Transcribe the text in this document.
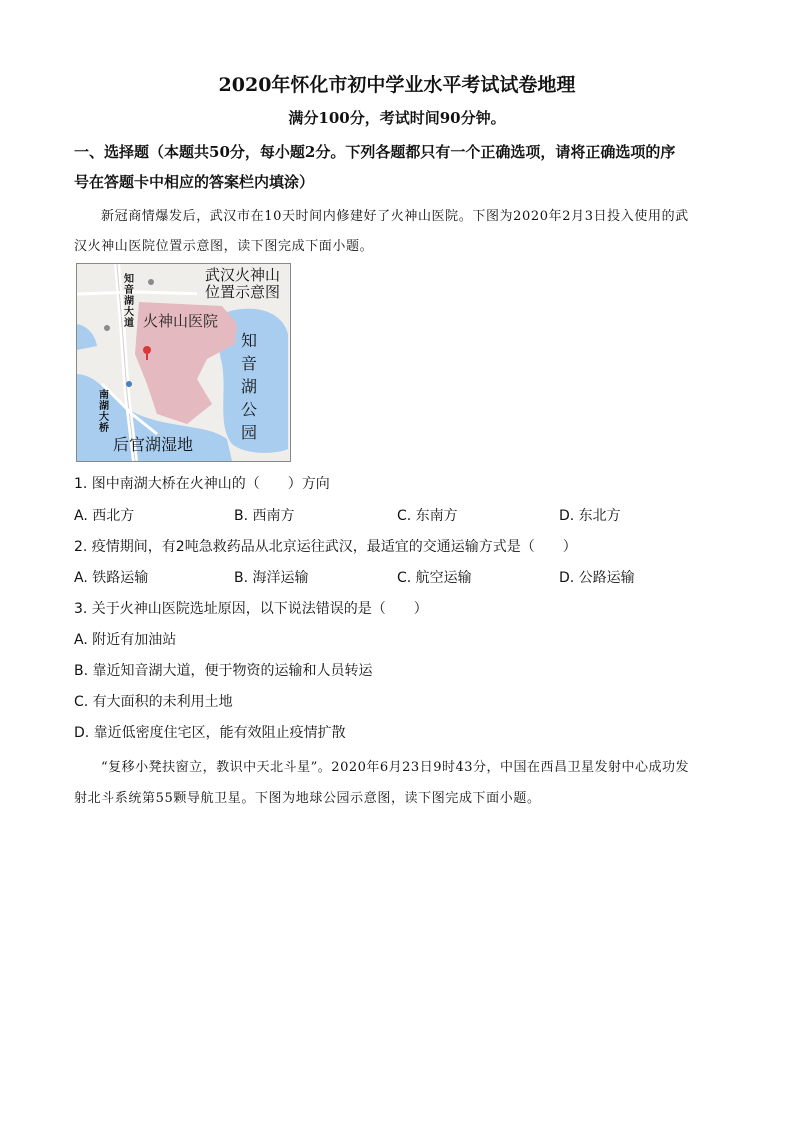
2020年怀化市初中学业水平考试试卷地理
满分100分，考试时间90分钟。
一、选择题（本题共50分，每小题2分。下列各题都只有一个正确选项，请将正确选项的序
号在答题卡中相应的答案栏内填涂）
新冠商情爆发后，武汉市在10天时间内修建好了火神山医院。下图为2020年2月3日投入使用的武
汉火神山医院位置示意图，读下图完成下面小题。
武汉火神山
位置示意图
火神山医院
知
音
湖
公
园
知
音
湖
大
道
南
湖
大
桥
后官湖湿地
1. 图中南湖大桥在火神山的（　　）方向
A. 西北方	B. 西南方	C. 东南方	D. 东北方
2. 疫情期间，有2吨急救药品从北京运往武汉，最适宜的交通运输方式是（　　）
A. 铁路运输	B. 海洋运输	C. 航空运输	D. 公路运输
3. 关于火神山医院选址原因，以下说法错误的是（　　）
A. 附近有加油站
B. 靠近知音湖大道，便于物资的运输和人员转运
C. 有大面积的未利用土地
D. 靠近低密度住宅区，能有效阻止疫情扩散
“复移小凳扶窗立，教识中天北斗星”。2020年6月23日9时43分，中国在西昌卫星发射中心成功发
射北斗系统第55颗导航卫星。下图为地球公园示意图，读下图完成下面小题。
